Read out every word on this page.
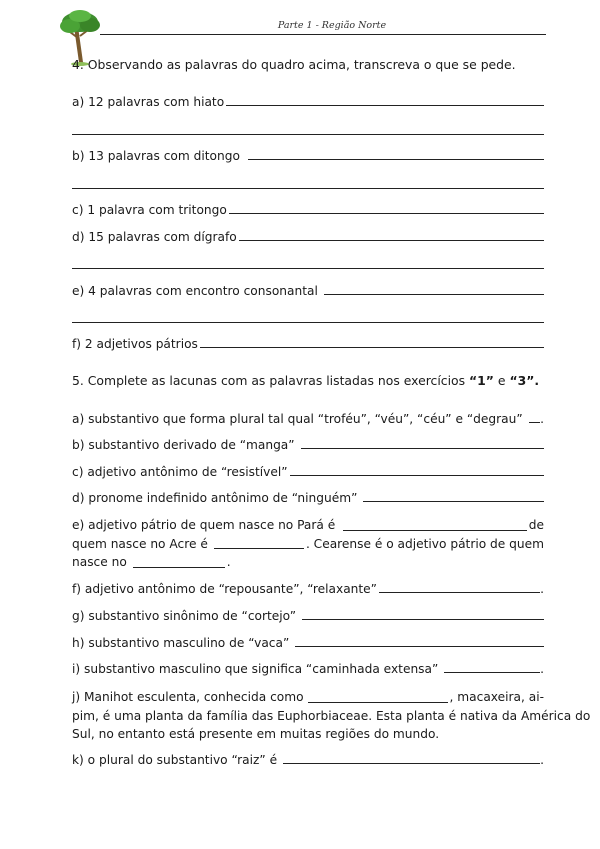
Parte 1 - Região Norte
4. Observando as palavras do quadro acima, transcreva o que se pede.
a) 12 palavras com hiato
b) 13 palavras com ditongo
c) 1 palavra com tritongo
d) 15 palavras com dígrafo
e) 4 palavras com encontro consonantal
f) 2 adjetivos pátrios
5. Complete as lacunas com as palavras listadas nos exercícios “1” e “3”.
a) substantivo que forma plural tal qual “troféu”, “véu”, “céu” e “degrau” .
b) substantivo derivado de “manga”
c) adjetivo antônimo de “resistível”
d) pronome indefinido antônimo de “ninguém”
e) adjetivo pátrio de quem nasce no Pará é	de
quem nasce no Acre é	. Cearense é o adjetivo pátrio de quem
nasce no	.
f) adjetivo antônimo de “repousante”, “relaxante”	.
g) substantivo sinônimo de “cortejo”
h) substantivo masculino de “vaca”
i) substantivo masculino que significa “caminhada extensa”	.
j) Manihot esculenta, conhecida como	, macaxeira, ai-
pim, é uma planta da família das Euphorbiaceae. Esta planta é nativa da América do
Sul, no entanto está presente em muitas regiões do mundo.
k) o plural do substantivo “raiz” é	.
